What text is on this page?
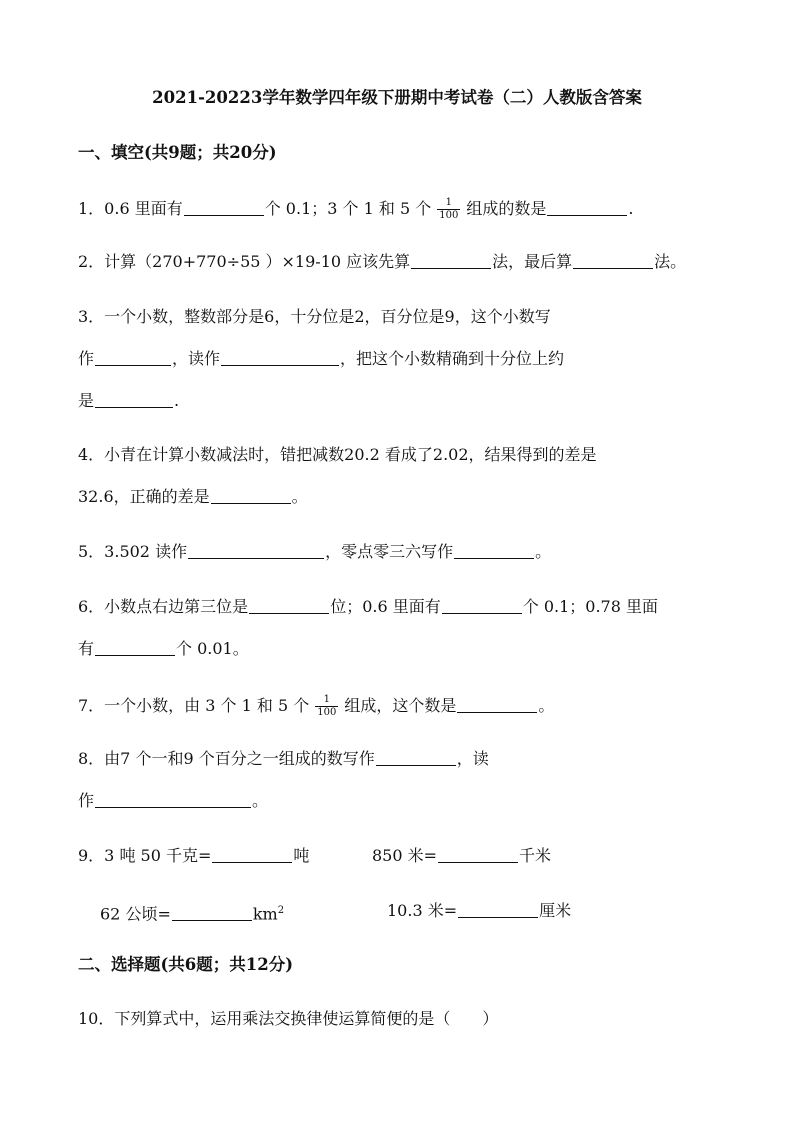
2021-20223学年数学四年级下册期中考试卷（二）人教版含答案
一、填空(共9题；共20分)
1．0.6 里面有	个 0.1；3 个 1 和 5 个 $\frac{1}{100}$ 组成的数是	.
2．计算（270+770÷55 ）×19-10 应该先算	法，最后算	法。
3．一个小数，整数部分是6，十分位是2，百分位是9，这个小数写
作	，读作	，把这个小数精确到十分位上约
是	.
4．小青在计算小数减法时，错把减数20.2 看成了2.02，结果得到的差是
32.6，正确的差是	。
5．3.502 读作	，零点零三六写作	。
6．小数点右边第三位是	位；0.6 里面有	个 0.1；0.78 里面
有	个 0.01。
7．一个小数，由 3 个 1 和 5 个 $\frac{1}{100}$ 组成，这个数是	。
8．由7 个一和9 个百分之一组成的数写作	，读
作	。
9．3 吨 50 千克=	吨	850 米=	千米
62 公顷=	$km^2$	10.3 米=	厘米
二、选择题(共6题；共12分)
10．下列算式中，运用乘法交换律使运算简便的是（　　）
